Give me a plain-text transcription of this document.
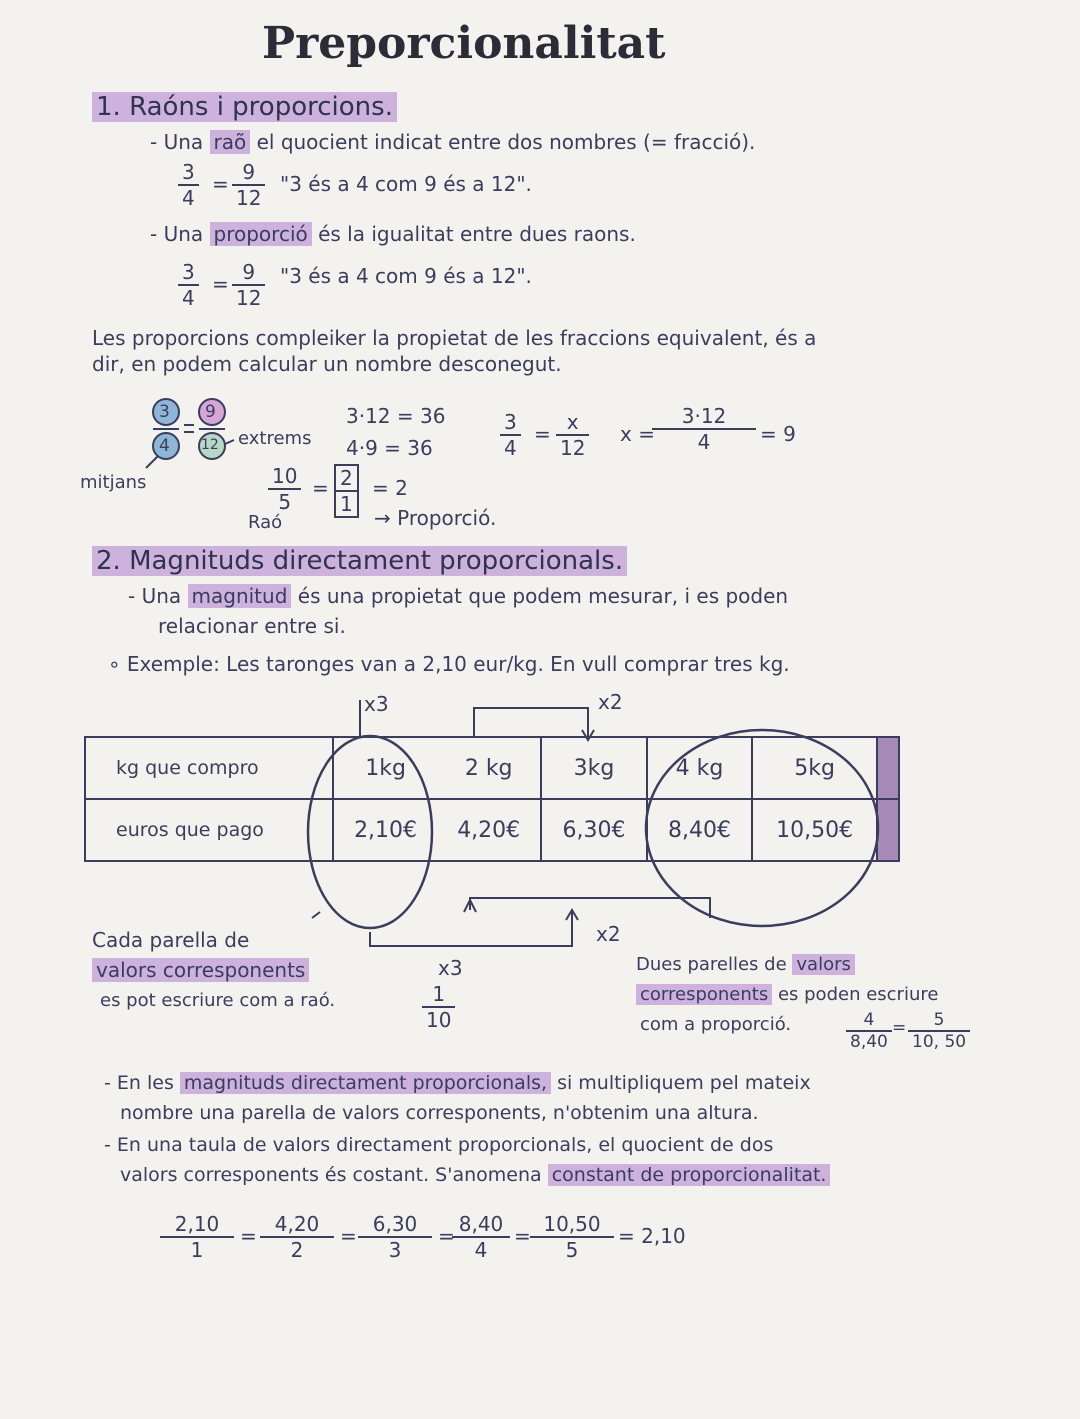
Preporcionalitat
1. Raóns i proporcions.
- Una raõ el quocient indicat entre dos nombres (= fracció).
3
4
= 9
12
"3 és a 4 com 9 és a 12".
- Una proporció és la igualitat entre dues raons.
3
4
= 9
12
"3 és a 4 com 9 és a 12".
Les proporcions compleiker la propietat de les fraccions equivalent, és a
dir, en podem calcular un nombre desconegut.
3 9
4 12 extrems
mitjans
3·12 = 36
4·9 = 36
3
4
= x
12
x =
3·12
4 = 9
10
5
Raó
= 2
1
= 2
→ Proporció.
2. Magnituds directament proporcionals.
- Una magnitud és una propietat que podem mesurar, i es poden
relacionar entre si.
∘ Exemple: Les taronges van a 2,10 eur/kg. En vull comprar tres kg.
x3	x2
kg que compro	1kg	2 kg	3kg	4 kg	5kg	
euros que pago	2,10€	4,20€	6,30€	8,40€	10,50€	
x2
x3
Cada parella de
valors corresponents
es pot escriure com a raó.	1
10
Dues parelles de valors
corresponents es poden escriure
com a proporció.	4
8,40
= 5
10, 50
- En les magnituds directament proporcionals, si multipliquem pel mateix
nombre una parella de valors corresponents, n'obtenim una altura.
- En una taula de valors directament proporcionals, el quocient de dos
valors corresponents és costant. S'anomena constant de proporcionalitat.
2,10
1
= 4,20
2
= 6,30
3
= 8,40
4
= 10,50
5
= 2,10
